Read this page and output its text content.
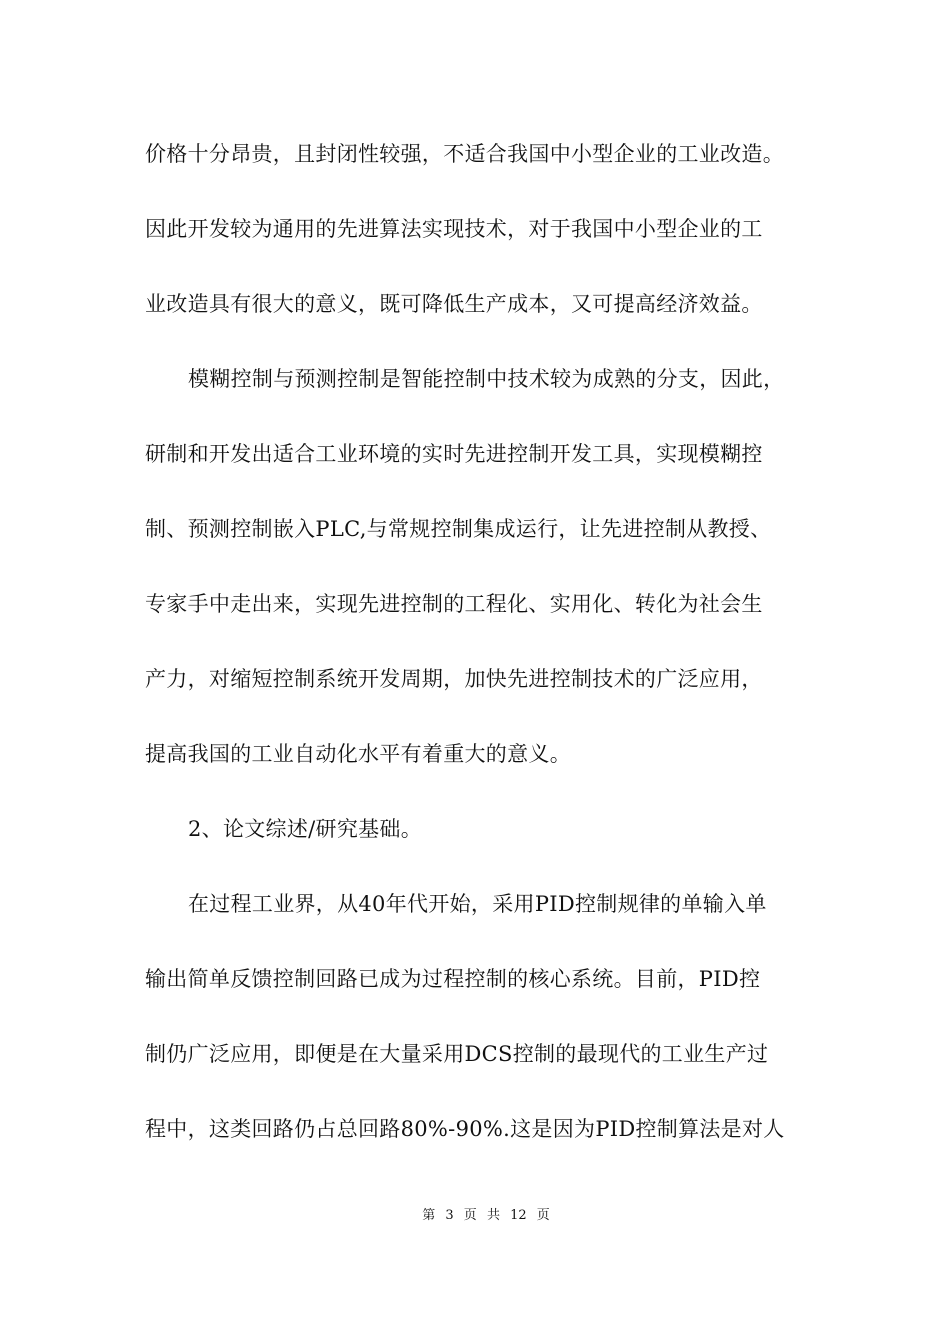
价格十分昂贵，且封闭性较强，不适合我国中小型企业的工业改造。
因此开发较为通用的先进算法实现技术，对于我国中小型企业的工
业改造具有很大的意义，既可降低生产成本，又可提高经济效益。
模糊控制与预测控制是智能控制中技术较为成熟的分支，因此，
研制和开发出适合工业环境的实时先进控制开发工具，实现模糊控
制、预测控制嵌入PLC,与常规控制集成运行，让先进控制从教授、
专家手中走出来，实现先进控制的工程化、实用化、转化为社会生
产力，对缩短控制系统开发周期，加快先进控制技术的广泛应用，
提高我国的工业自动化水平有着重大的意义。
2、论文综述/研究基础。
在过程工业界，从40年代开始，采用PID控制规律的单输入单
输出简单反馈控制回路已成为过程控制的核心系统。目前，PID控
制仍广泛应用，即便是在大量采用DCS控制的最现代的工业生产过
程中，这类回路仍占总回路80%-90%.这是因为PID控制算法是对人
第 3 页 共 12 页
